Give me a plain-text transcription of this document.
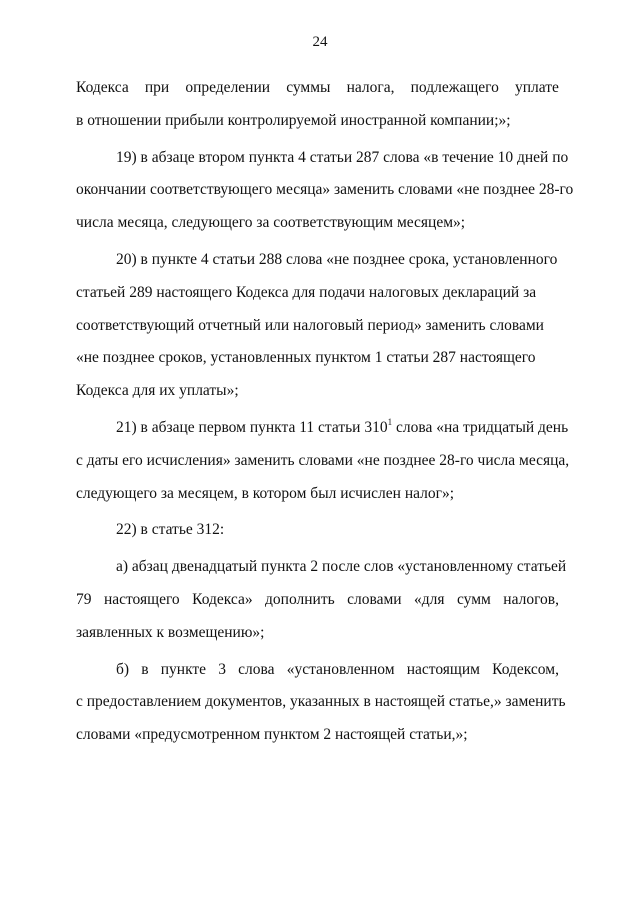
24
Кодекса при определении суммы налога, подлежащего уплате
в отношении прибыли контролируемой иностранной компании;»;
19) в абзаце втором пункта 4 статьи 287 слова «в течение 10 дней по
окончании соответствующего месяца» заменить словами «не позднее 28-го
числа месяца, следующего за соответствующим месяцем»;
20) в пункте 4 статьи 288 слова «не позднее срока, установленного
статьей 289 настоящего Кодекса для подачи налоговых деклараций за
соответствующий отчетный или налоговый период» заменить словами
«не позднее сроков, установленных пунктом 1 статьи 287 настоящего
Кодекса для их уплаты»;
21) в абзаце первом пункта 11 статьи $310^1$ слова «на тридцатый день
с даты его исчисления» заменить словами «не позднее 28-го числа месяца,
следующего за месяцем, в котором был исчислен налог»;
22) в статье 312:
а) абзац двенадцатый пункта 2 после слов «установленному статьей
79 настоящего Кодекса» дополнить словами «для сумм налогов,
заявленных к возмещению»;
б) в пункте 3 слова «установленном настоящим Кодексом,
с предоставлением документов, указанных в настоящей статье,» заменить
словами «предусмотренном пунктом 2 настоящей статьи,»;
